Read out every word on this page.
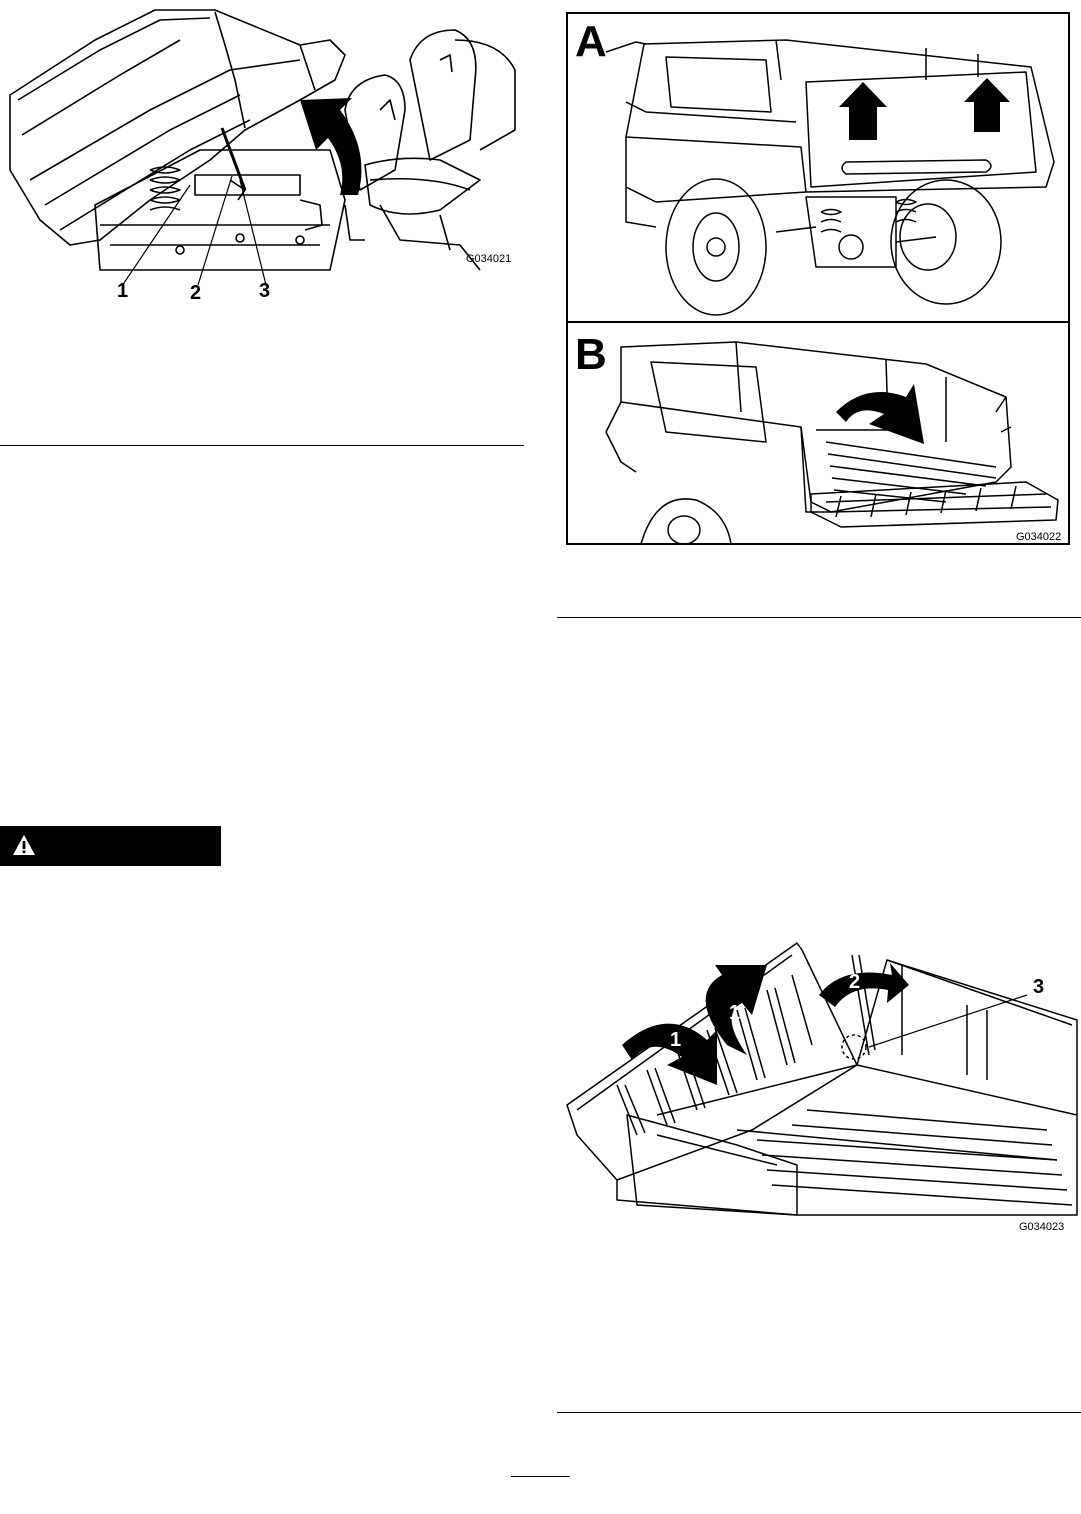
1	2	3
G034021
A
B
G034022
1
1
2	3
G034023
